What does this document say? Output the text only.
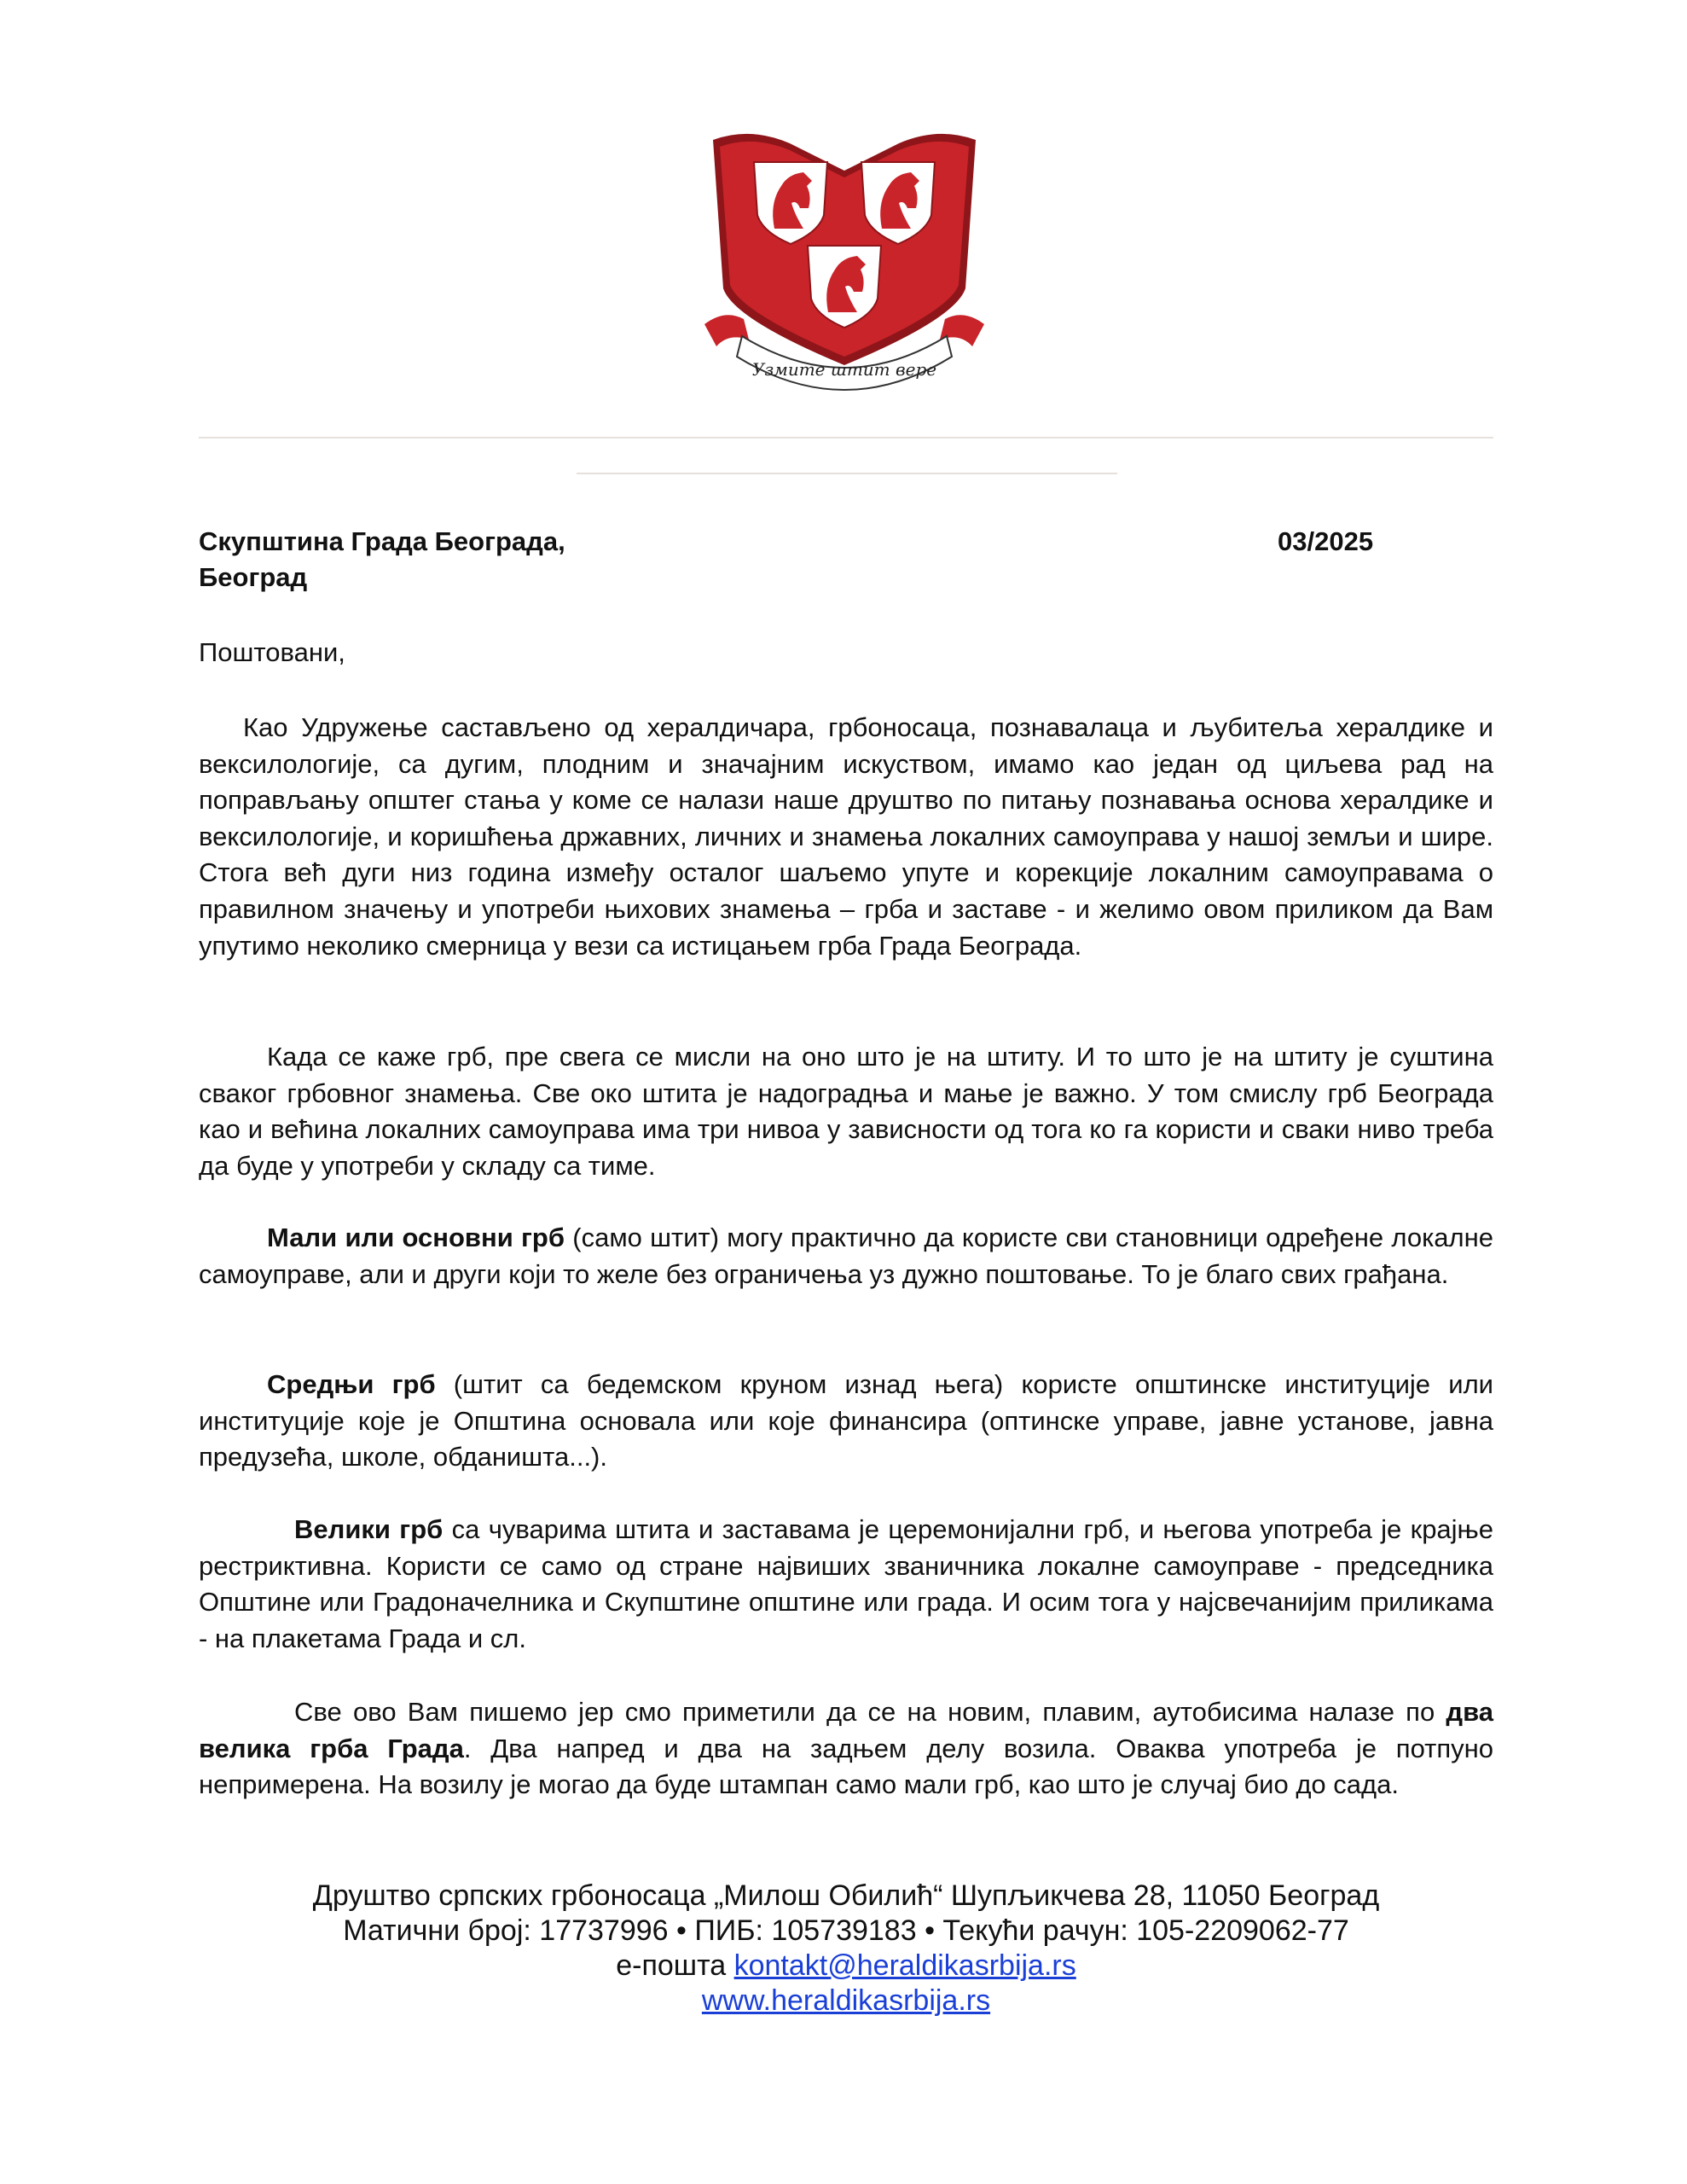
Узмите штит вере
Скупштина Града Београда,
Београд
03/2025
Поштовани,

Као Удружење састављено од хералдичара, грбоносаца, познавалаца и љубитеља хералдике и вексилологије, са дугим, плодним и значајним искуством, имамо као један од циљева рад на поправљању општег стања у коме се налази наше друштво по питању познавања основа хералдике и вексилологије, и коришћења државних, личних и знамења локалних самоуправа у нашој земљи и шире. Стога већ дуги низ година између осталог шаљемо упуте и корекције локалним самоуправама о правилном значењу и употреби њихових знамења – грба и заставе - и желимо овом приликом да Вам упутимо неколико смерница у вези са истицањем грба Града Београда.

Када се каже грб, пре свега се мисли на оно што је на штиту. И то што је на штиту је суштина сваког грбовног знамења. Све око штита је надоградња и мање је важно. У том смислу грб Београда као и већина локалних самоуправа има три нивоа у зависности од тога ко га користи и сваки ниво треба да буде у употреби у складу са тиме.

Мали или основни грб (само штит) могу практично да користе сви становници одређене локалне самоуправе, али и други који то желе без ограничења уз дужно поштовање. То је благо свих грађана.

Средњи грб (штит са бедемском круном изнад њега) користе општинске институције или институције које је Општина основала или које финансира (оптинске управе, јавне установе, јавна предузећа, школе, обданишта...).

Велики грб са чуварима штита и заставама је церемонијални грб, и његова употреба је крајње рестриктивна. Користи се само од стране највиших званичника локалне самоуправе - председника Општине или Градоначелника и Скупштине општине или града. И осим тога у најсвечанијим приликама - на плакетама Града и сл.

Све ово Вам пишемо јер смо приметили да се на новим, плавим, аутобисима налазе по два велика грба Града. Два напред и два на задњем делу возила. Оваква употреба је потпуно непримерена. На возилу је могао да буде штампан само мали грб, као што је случај био до сада.

Друштво српских грбоносаца „Милош Обилић“ Шупљикчева 28, 11050 Београд
Матични број: 17737996 • ПИБ: 105739183 • Текући рачун: 105-2209062-77
е-пошта kontakt@heraldikasrbija.rs
www.heraldikasrbija.rs
